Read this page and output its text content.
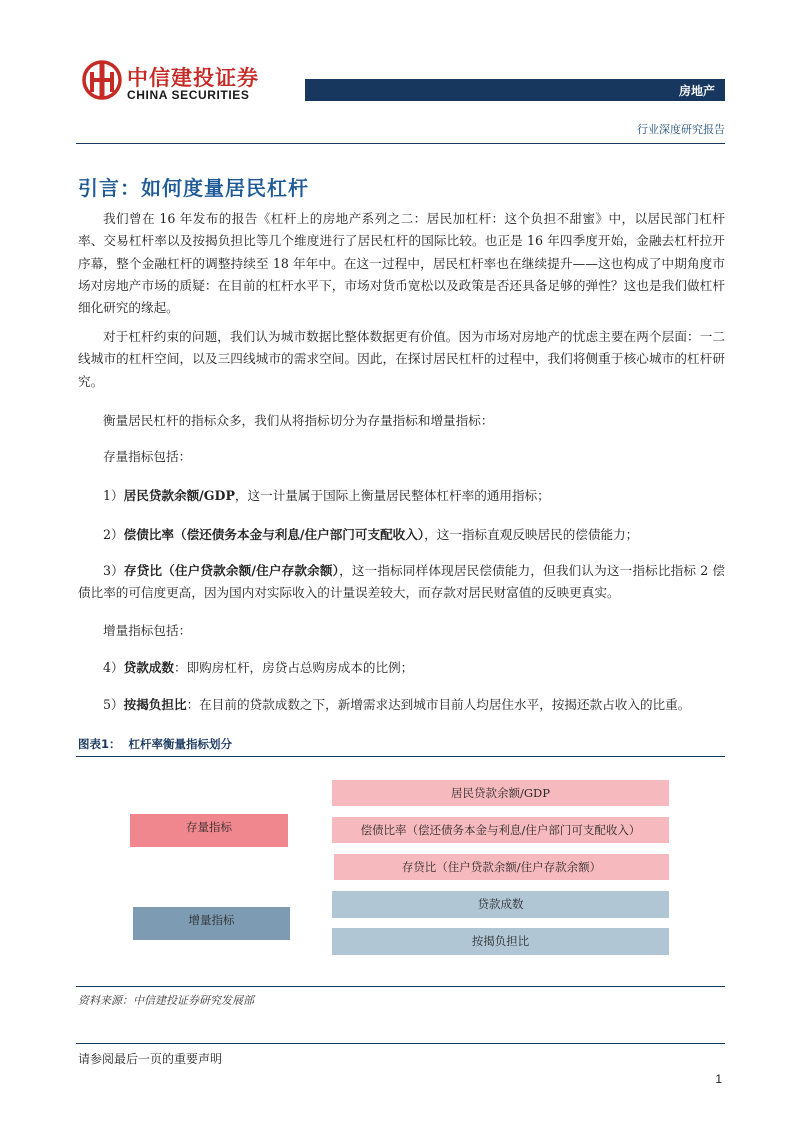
中信建投证券
CHINA SECURITIES	房地产
行业深度研究报告
引言：如何度量居民杠杆
我们曾在 16 年发布的报告《杠杆上的房地产系列之二：居民加杠杆：这个负担不甜蜜》中，以居民部门杠杆率、交易杠杆率以及按揭负担比等几个维度进行了居民杠杆的国际比较。也正是 16 年四季度开始，金融去杠杆拉开序幕，整个金融杠杆的调整持续至 18 年年中。在这一过程中，居民杠杆率也在继续提升——这也构成了中期角度市场对房地产市场的质疑：在目前的杠杆水平下，市场对货币宽松以及政策是否还具备足够的弹性？这也是我们做杠杆细化研究的缘起。
对于杠杆约束的问题，我们认为城市数据比整体数据更有价值。因为市场对房地产的忧虑主要在两个层面：一二线城市的杠杆空间，以及三四线城市的需求空间。因此，在探讨居民杠杆的过程中，我们将侧重于核心城市的杠杆研究。
衡量居民杠杆的指标众多，我们从将指标切分为存量指标和增量指标：
存量指标包括：
1）居民贷款余额/GDP，这一计量属于国际上衡量居民整体杠杆率的通用指标；
2）偿债比率（偿还债务本金与利息/住户部门可支配收入），这一指标直观反映居民的偿债能力；
3）存贷比（住户贷款余额/住户存款余额），这一指标同样体现居民偿债能力，但我们认为这一指标比指标 2 偿债比率的可信度更高，因为国内对实际收入的计量误差较大，而存款对居民财富值的反映更真实。
增量指标包括：
4）贷款成数：即购房杠杆，房贷占总购房成本的比例；
5）按揭负担比：在目前的贷款成数之下，新增需求达到城市目前人均居住水平，按揭还款占收入的比重。
图表1： 杠杆率衡量指标划分
存量指标
增量指标
居民贷款余额/GDP
偿债比率（偿还债务本金与利息/住户部门可支配收入）
存贷比（住户贷款余额/住户存款余额）
贷款成数
按揭负担比
资料来源：中信建投证券研究发展部
请参阅最后一页的重要声明
1
